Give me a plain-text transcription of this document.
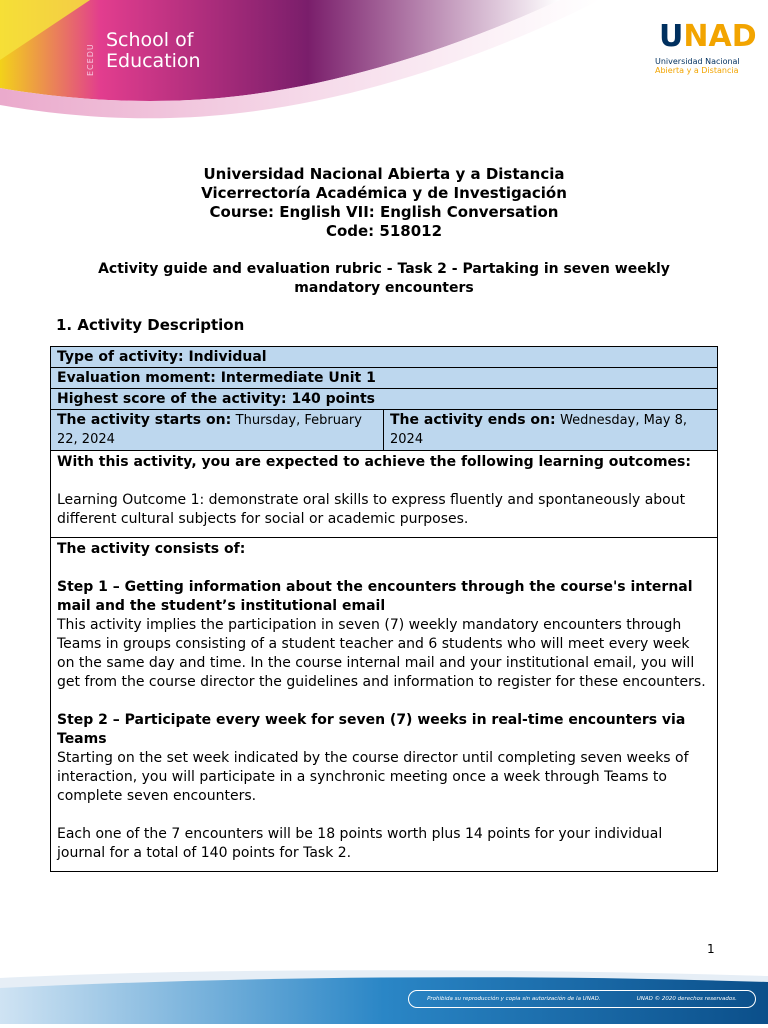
ECEDU
School of
Education
UNAD
Universidad Nacional
Abierta y a Distancia
Universidad Nacional Abierta y a Distancia
Vicerrectoría Académica y de Investigación
Course: English VII: English Conversation
Code: 518012
Activity guide and evaluation rubric - Task 2 - Partaking in seven weekly mandatory encounters
1. Activity Description
Type of activity: Individual
Evaluation moment: Intermediate Unit 1
Highest score of the activity: 140 points
The activity starts on: Thursday, February 22, 2024
The activity ends on: Wednesday, May 8, 2024
With this activity, you are expected to achieve the following learning outcomes:
Learning Outcome 1: demonstrate oral skills to express fluently and spontaneously about different cultural subjects for social or academic purposes.
The activity consists of:
Step 1 – Getting information about the encounters through the course's internal mail and the student’s institutional email
This activity implies the participation in seven (7) weekly mandatory encounters through Teams in groups consisting of a student teacher and 6 students who will meet every week on the same day and time. In the course internal mail and your institutional email, you will get from the course director the guidelines and information to register for these encounters.
Step 2 – Participate every week for seven (7) weeks in real-time encounters via Teams
Starting on the set week indicated by the course director until completing seven weeks of interaction, you will participate in a synchronic meeting once a week through Teams to complete seven encounters.
Each one of the 7 encounters will be 18 points worth plus 14 points for your individual journal for a total of 140 points for Task 2.
1
Prohibida su reproducción y copia sin autorización de la UNAD.	UNAD © 2020 derechos reservados.
